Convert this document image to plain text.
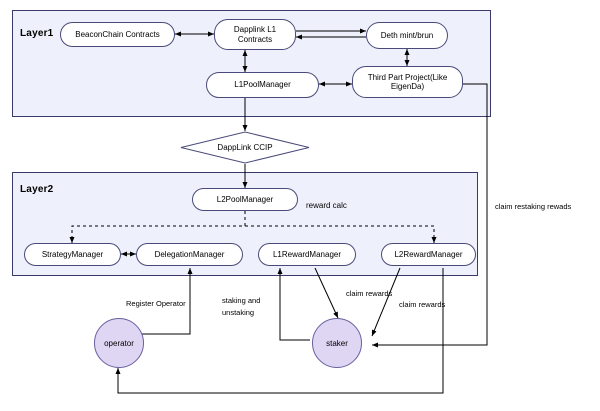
Layer1
Layer2
BeaconChain Contracts
Dapplink L1 Contracts	Deth mint/brun
L1PoolManager
Third Part Project(Like EigenDa)
DappLink CCIP
L2PoolManager
StrategyManager	DelegationManager	L1RewardManager	L2RewardManager
operator	staker
reward calc
Register Operator	staking and
unstaking
claim rewards
claim rewards
claim restaking rewads
